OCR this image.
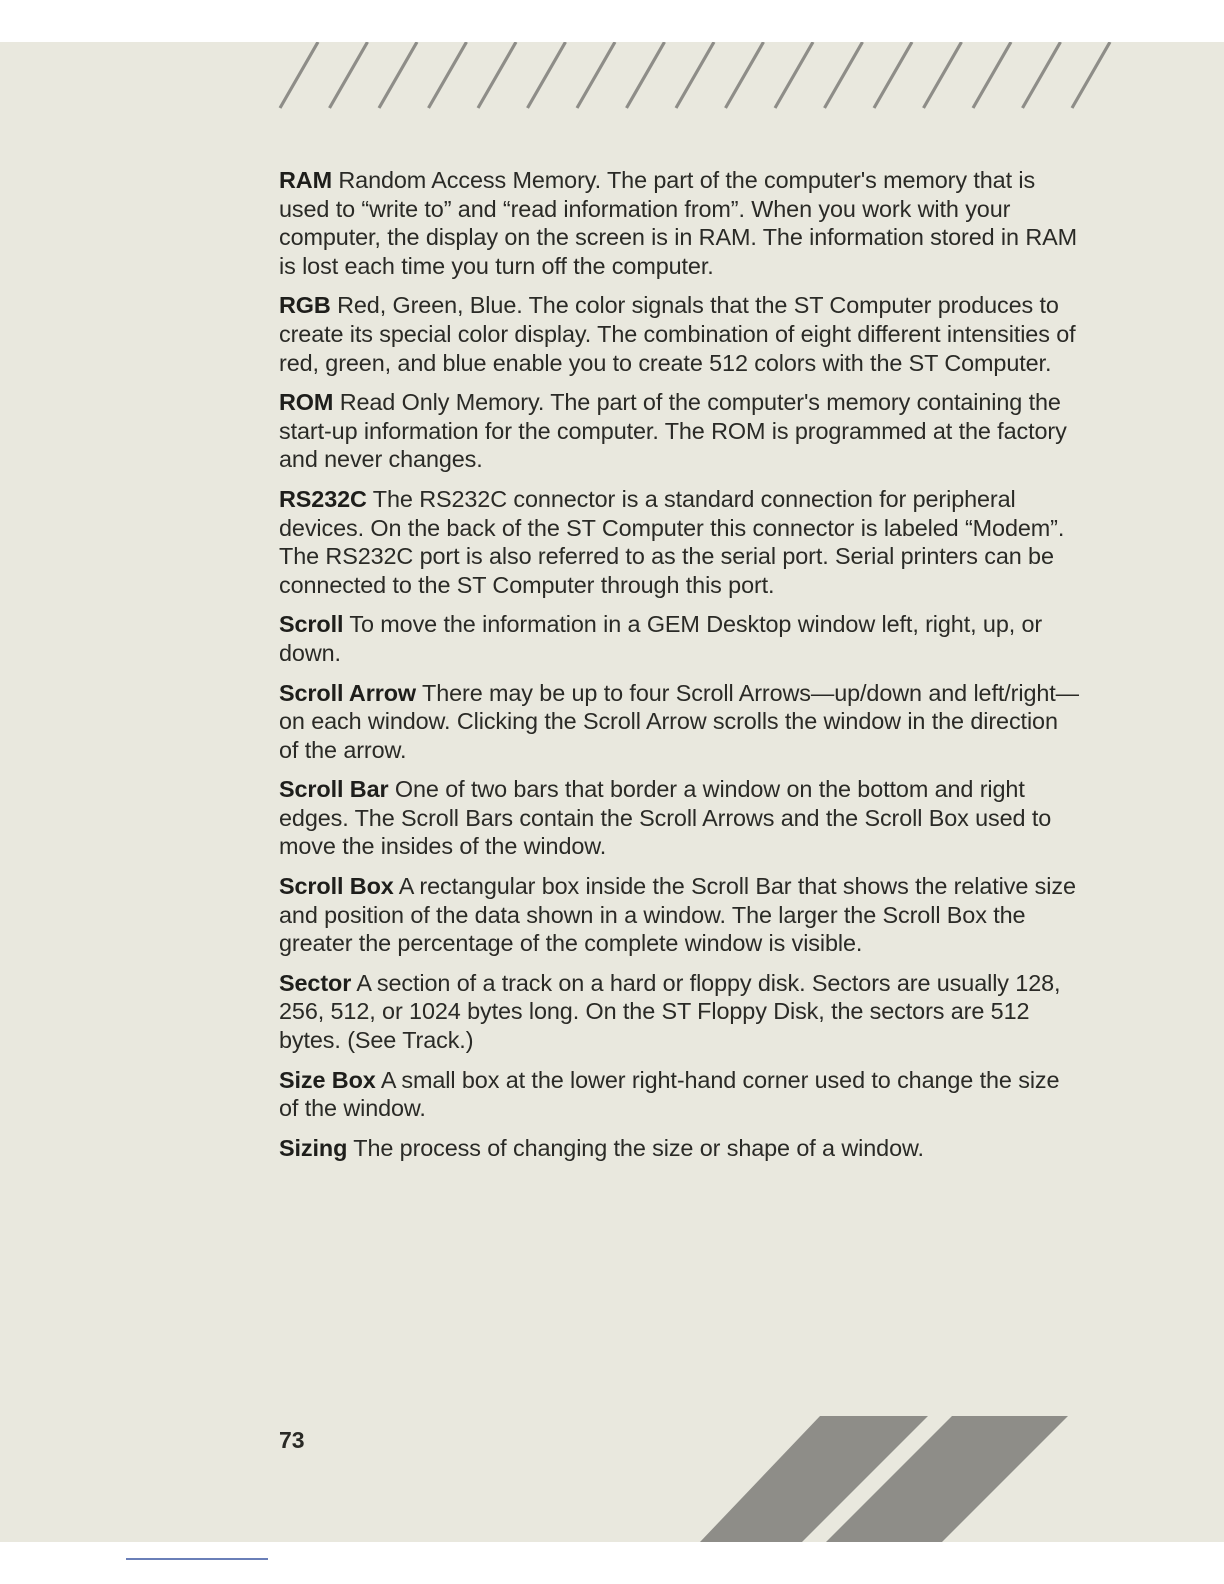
RAM Random Access Memory. The part of the computer's memory that is used to “write to” and “read information from”. When you work with your computer, the display on the screen is in RAM. The information stored in RAM is lost each time you turn off the computer.

RGB Red, Green, Blue. The color signals that the ST Computer produces to create its special color display. The combination of eight different intensities of red, green, and blue enable you to create 512 colors with the ST Computer.

ROM Read Only Memory. The part of the computer's memory containing the start-up information for the computer. The ROM is programmed at the factory and never changes.

RS232C The RS232C connector is a standard connection for peripheral devices. On the back of the ST Computer this connector is labeled “Modem”. The RS232C port is also referred to as the serial port. Serial printers can be connected to the ST Computer through this port.

Scroll To move the information in a GEM Desktop window left, right, up, or down.

Scroll Arrow There may be up to four Scroll Arrows—up/down and left/right—on each window. Clicking the Scroll Arrow scrolls the window in the direction of the arrow.

Scroll Bar One of two bars that border a window on the bottom and right edges. The Scroll Bars contain the Scroll Arrows and the Scroll Box used to move the insides of the window.

Scroll Box A rectangular box inside the Scroll Bar that shows the relative size and position of the data shown in a window. The larger the Scroll Box the greater the percentage of the complete window is visible.

Sector A section of a track on a hard or floppy disk. Sectors are usually 128, 256, 512, or 1024 bytes long. On the ST Floppy Disk, the sectors are 512 bytes. (See Track.)

Size Box A small box at the lower right-hand corner used to change the size of the window.

Sizing The process of changing the size or shape of a window.

73
